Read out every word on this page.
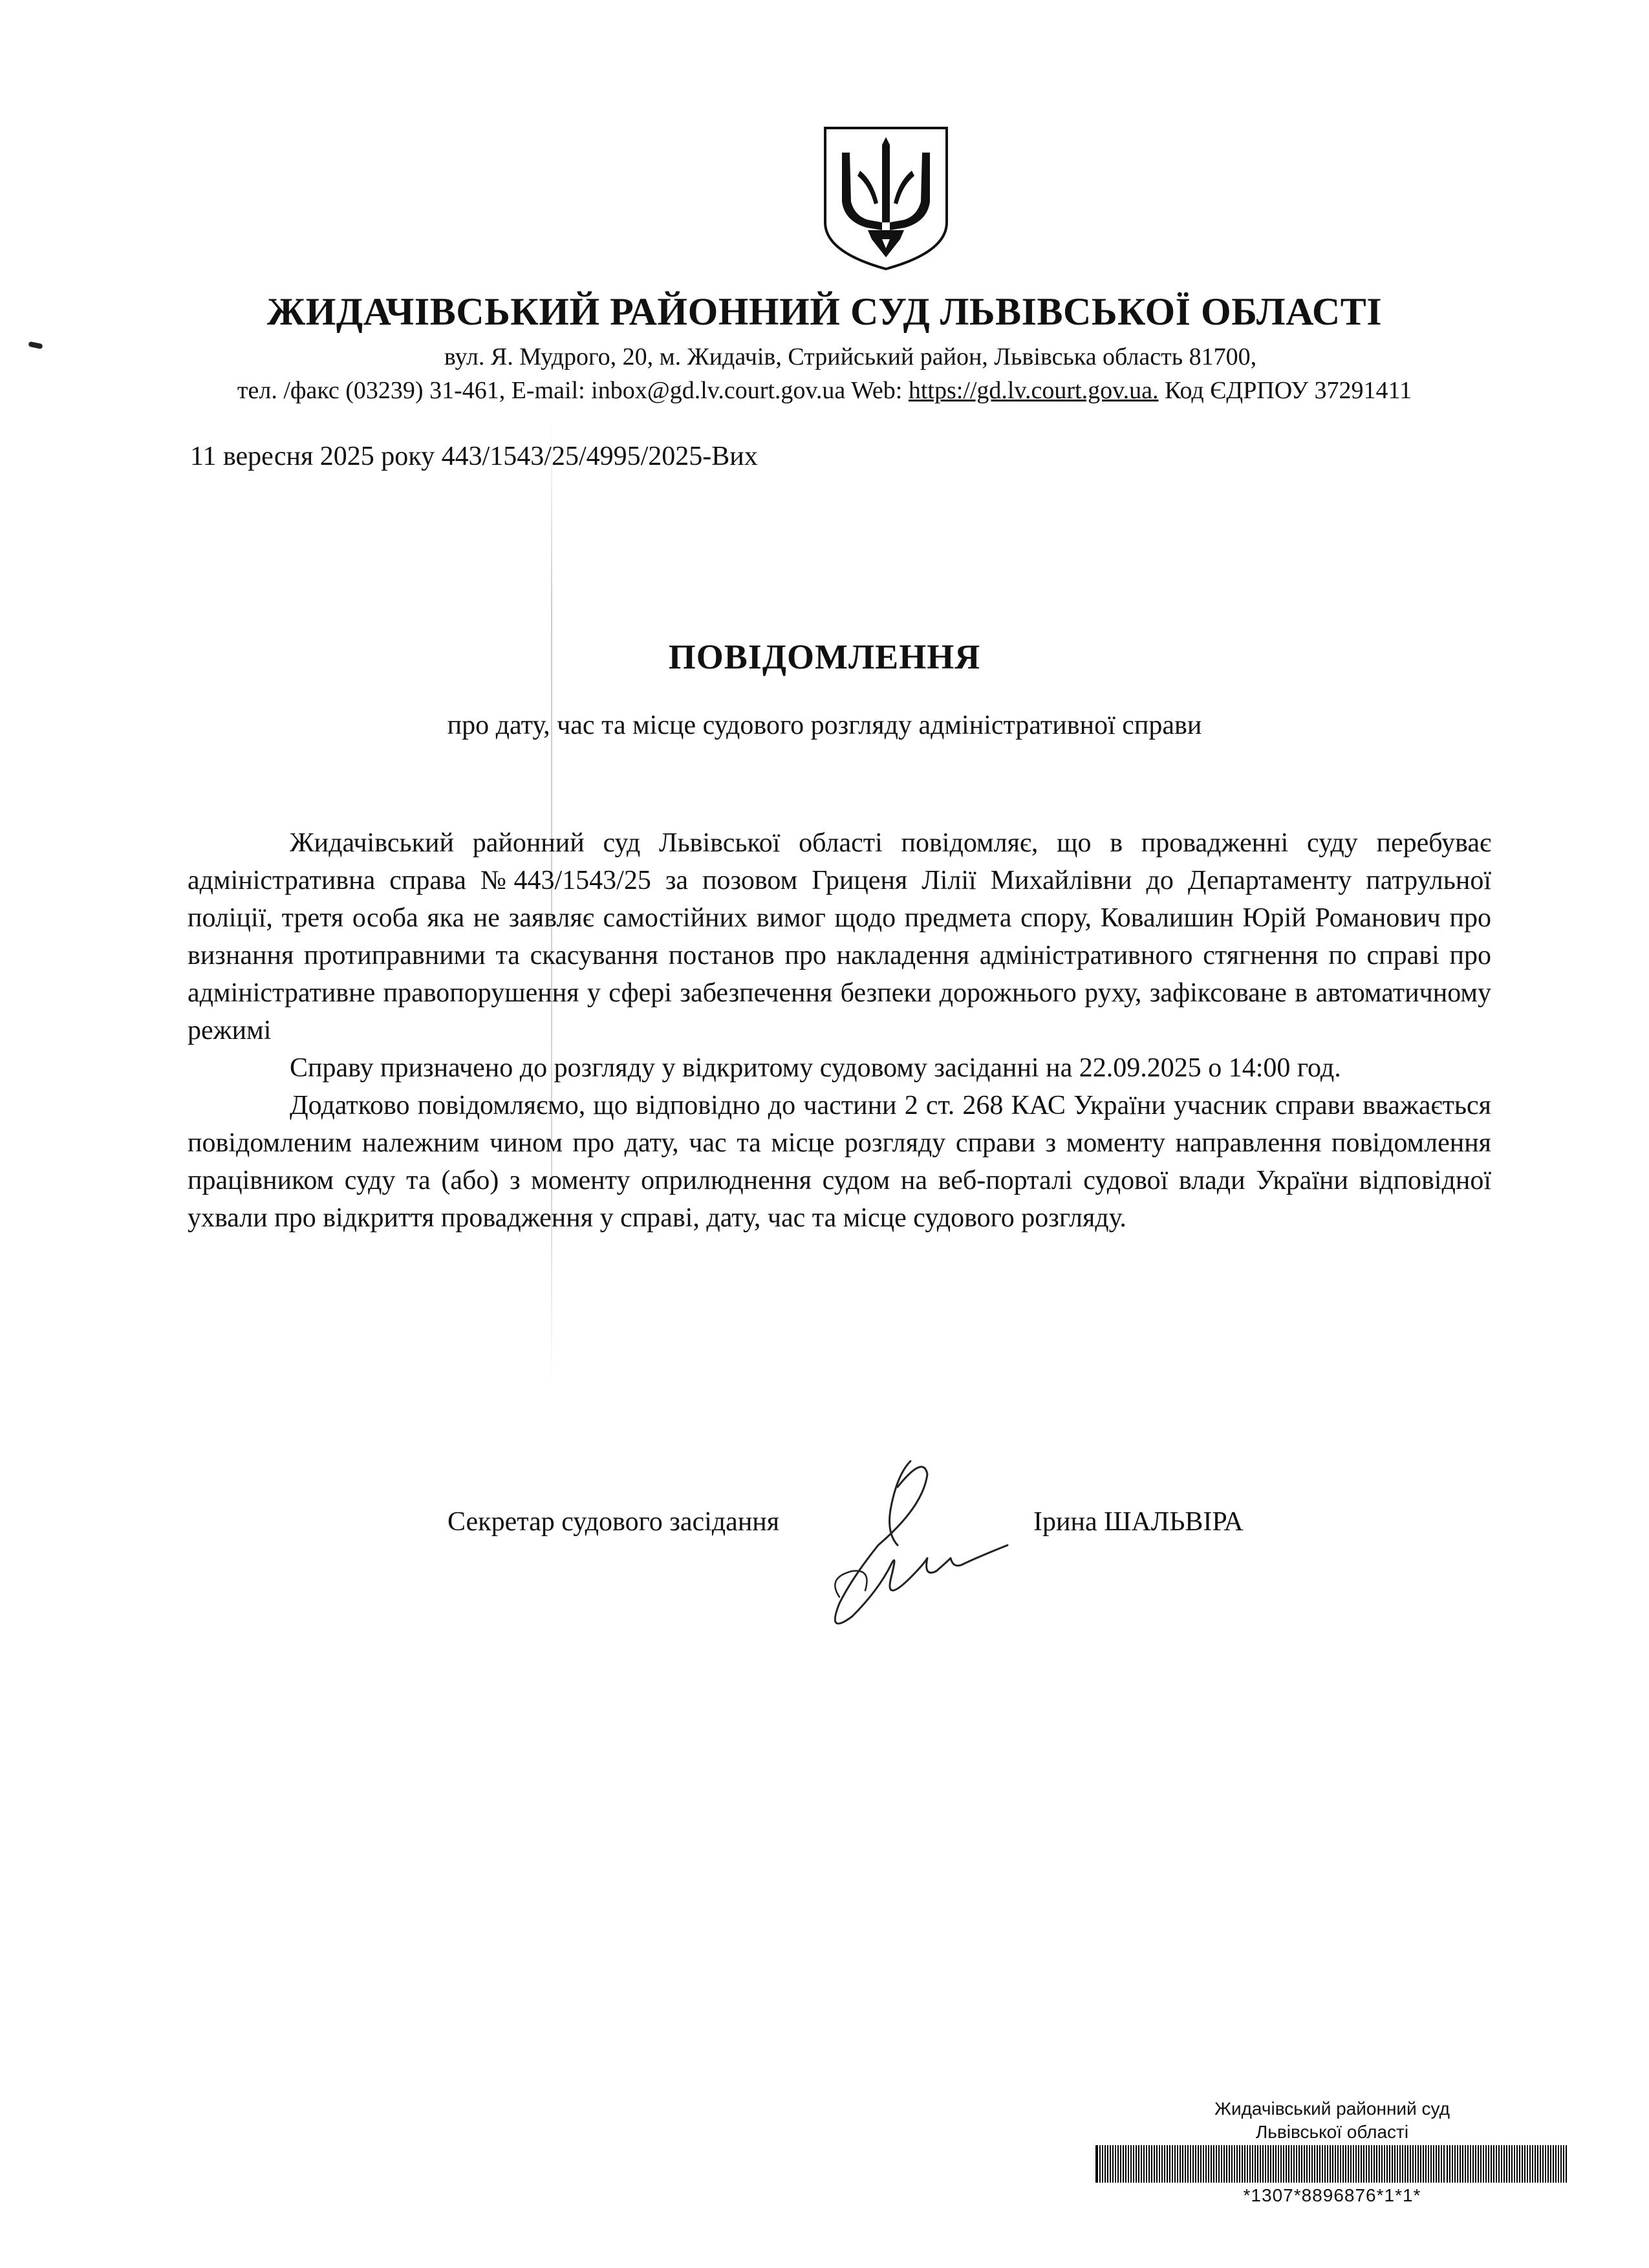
ЖИДАЧІВСЬКИЙ РАЙОННИЙ СУД ЛЬВІВСЬКОЇ ОБЛАСТІ
вул. Я. Мудрого, 20, м. Жидачів, Стрийський район, Львівська область 81700,
тел. /факс (03239) 31-461, E-mail: inbox@gd.lv.court.gov.ua Web: https://gd.lv.court.gov.ua. Код ЄДРПОУ 37291411
11 вересня 2025 року 443/1543/25/4995/2025-Вих
ПОВІДОМЛЕННЯ
про дату, час та місце судового розгляду адміністративної справи

Жидачівський районний суд Львівської області повідомляє, що в провадженні суду перебуває адміністративна справа №443/1543/25 за позовом Гриценя Лілії Михайлівни до Департаменту патрульної поліції, третя особа яка не заявляє самостійних вимог щодо предмета спору, Ковалишин Юрій Романович про визнання протиправними та скасування постанов про накладення адміністративного стягнення по справі про адміністративне правопорушення у сфері забезпечення безпеки дорожнього руху, зафіксоване в автоматичному режимі

Справу призначено до розгляду у відкритому судовому засіданні на 22.09.2025 о 14:00 год.

Додатково повідомляємо, що відповідно до частини 2 ст. 268 КАС України учасник справи вважається повідомленим належним чином про дату, час та місце розгляду справи з моменту направлення повідомлення працівником суду та (або) з моменту оприлюднення судом на веб-порталі судової влади України відповідної ухвали про відкриття провадження у справі, дату, час та місце судового розгляду.

Секретар судового засідання	Ірина ШАЛЬВІРА
Жидачівський районний суд
Львівської області
*1307*8896876*1*1*
